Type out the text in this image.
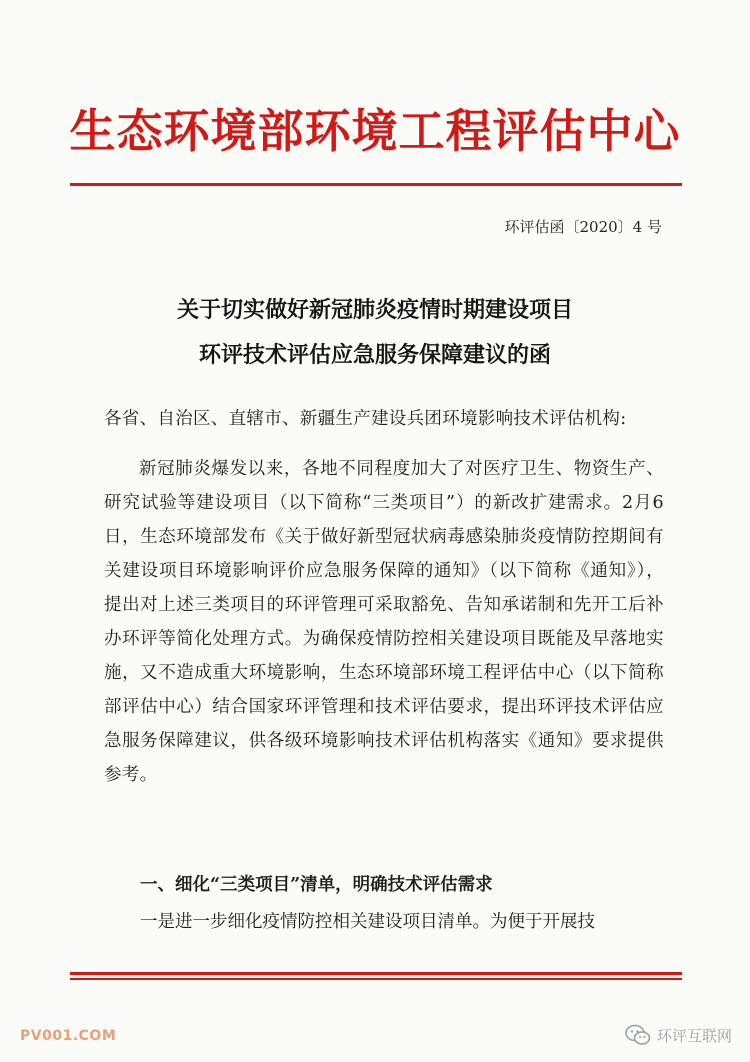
生态环境部环境工程评估中心
环评估函〔2020〕4 号
关于切实做好新冠肺炎疫情时期建设项目
环评技术评估应急服务保障建议的函
各省、自治区、直辖市、新疆生产建设兵团环境影响技术评估机构:

新冠肺炎爆发以来，各地不同程度加大了对医疗卫生、物资生产、研究试验等建设项目（以下简称“三类项目”）的新改扩建需求。2月6日，生态环境部发布《关于做好新型冠状病毒感染肺炎疫情防控期间有关建设项目环境影响评价应急服务保障的通知》（以下简称《通知》），提出对上述三类项目的环评管理可采取豁免、告知承诺制和先开工后补办环评等简化处理方式。为确保疫情防控相关建设项目既能及早落地实施，又不造成重大环境影响，生态环境部环境工程评估中心（以下简称部评估中心）结合国家环评管理和技术评估要求，提出环评技术评估应急服务保障建议，供各级环境影响技术评估机构落实《通知》要求提供参考。

一、细化“三类项目”清单，明确技术评估需求
一是进一步细化疫情防控相关建设项目清单。为便于开展技
PV001.COM	环评互联网
